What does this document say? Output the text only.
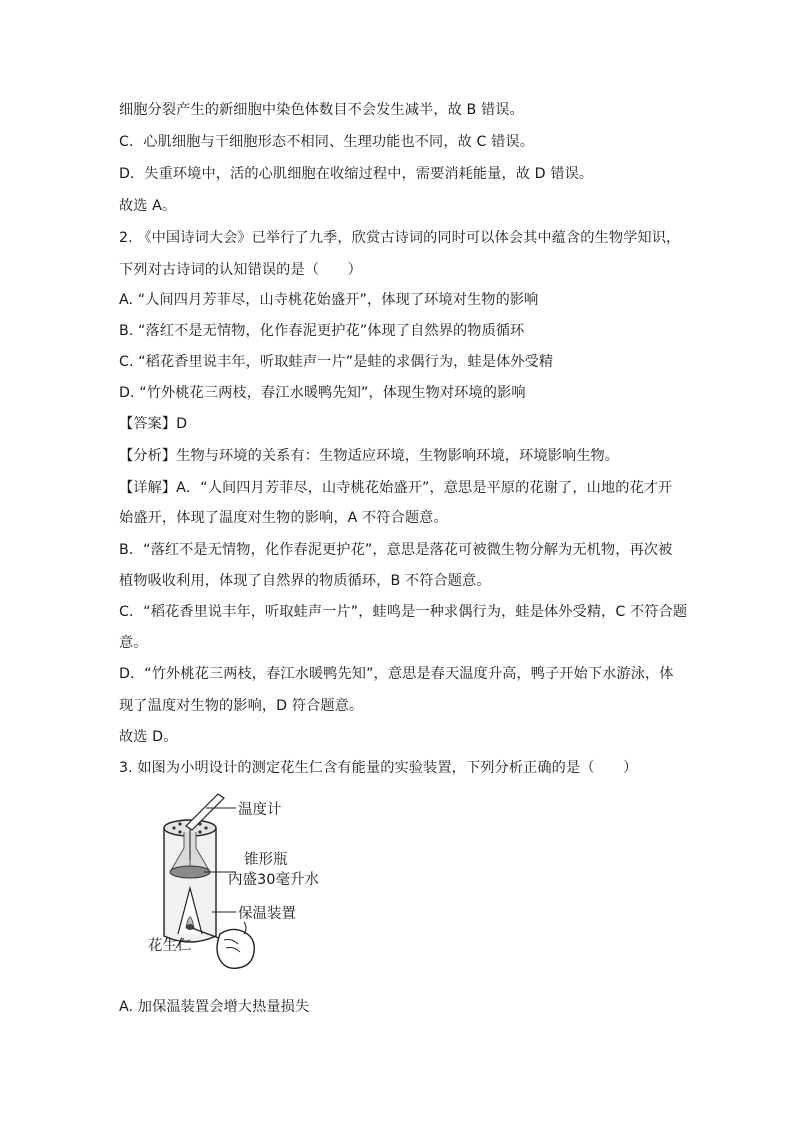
细胞分裂产生的新细胞中染色体数目不会发生减半，故 B 错误。
C．心肌细胞与干细胞形态不相同、生理功能也不同，故 C 错误。
D．失重环境中，活的心肌细胞在收缩过程中，需要消耗能量，故 D 错误。
故选 A。
2. 《中国诗词大会》已举行了九季，欣赏古诗词的同时可以体会其中蕴含的生物学知识，
下列对古诗词的认知错误的是（　　）
A. “人间四月芳菲尽，山寺桃花始盛开”，体现了环境对生物的影响
B. “落红不是无情物，化作春泥更护花”体现了自然界的物质循环
C. “稻花香里说丰年，听取蛙声一片”是蛙的求偶行为，蛙是体外受精
D. “竹外桃花三两枝，春江水暖鸭先知”，体现生物对环境的影响
【答案】D
【分析】生物与环境的关系有：生物适应环境，生物影响环境，环境影响生物。
【详解】A．“人间四月芳菲尽，山寺桃花始盛开”，意思是平原的花谢了，山地的花才开
始盛开，体现了温度对生物的影响，A 不符合题意。
B．“落红不是无情物，化作春泥更护花”，意思是落花可被微生物分解为无机物，再次被
植物吸收利用，体现了自然界的物质循环，B 不符合题意。
C．“稻花香里说丰年，听取蛙声一片”，蛙鸣是一种求偶行为，蛙是体外受精，C 不符合题
意。
D．“竹外桃花三两枝，春江水暖鸭先知”，意思是春天温度升高，鸭子开始下水游泳，体
现了温度对生物的影响，D 符合题意。
故选 D。
3. 如图为小明设计的测定花生仁含有能量的实验装置，下列分析正确的是（　　）
温度计
锥形瓶
内盛30毫升水
保温装置
花生仁
A. 加保温装置会增大热量损失
